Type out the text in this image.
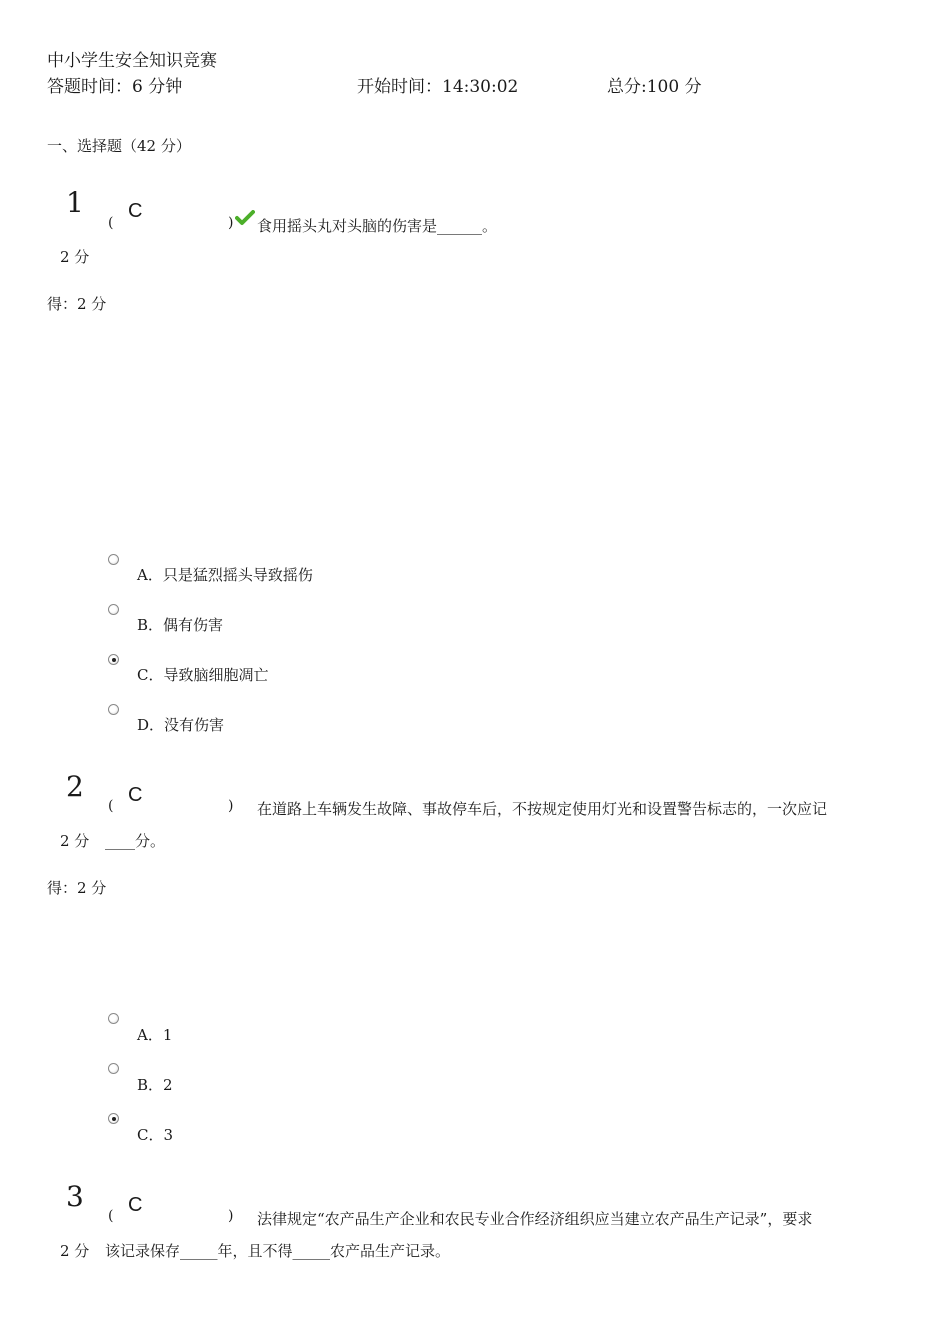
中小学生安全知识竞赛
答题时间：6 分钟	开始时间：14:30:02	总分:100 分
一、选择题（42 分）
1
(
C
) 食用摇头丸对头脑的伤害是______。
2 分
得：2 分
A．只是猛烈摇头导致摇伤
B．偶有伤害
C．导致脑细胞凋亡
D．没有伤害
2
( C	) 在道路上车辆发生故障、事故停车后，不按规定使用灯光和设置警告标志的，一次应记
2 分 ____分。
得：2 分
A．1
B．2
C．3
3
( C	) 法律规定“农产品生产企业和农民专业合作经济组织应当建立农产品生产记录”，要求
2 分 该记录保存_____年，且不得_____农产品生产记录。
